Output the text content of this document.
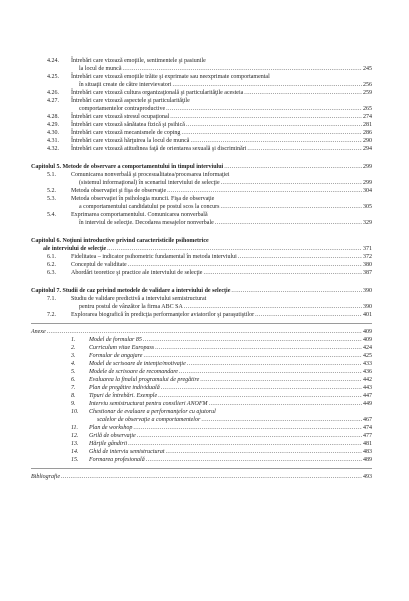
4.24. Întrebări care vizează emoţiile, sentimentele şi pasiunile
la locul de muncă .....	245
4.25. Întrebări care vizează emoţiile trăite şi exprimate sau neexprimate comportamental
în situaţii create de către intervievatori .....	256
4.26. Întrebări care vizează cultura organizaţională şi particularităţile acesteia .....	259
4.27. Întrebări care vizează aspectele şi particularităţile
comportamentelor contraproductive .....	265
4.28. Întrebări care vizează stresul ocupaţional .....	274
4.29. Întrebări care vizează sănătatea fizică şi psihică .....	281
4.30. Întrebări care vizează mecanismele de coping .....	286
4.31. Întrebări care vizează hărţuirea la locul de muncă .....	290
4.32. Întrebări care vizează atitudinea faţă de orientarea sexuală şi discriminări .....	294
Capitolul 5. Metode de observare a comportamentului în timpul interviului .....	299
5.1.	Comunicarea nonverbală şi procesualitatea/procesarea informaţiei
(sistemul informaţional) în scenariul interviului de selecţie .....	299
5.2.	Metoda observaţiei şi fişa de observaţie .....	304
5.3.	Metoda observaţiei în psihologia muncii. Fişa de observaţie
a comportamentului candidatului pe postul scos la concurs .....	305
5.4.	Exprimarea comportamentului. Comunicarea nonverbală
în interviul de selecţie. Decodarea mesajelor nonverbale .....	329
Capitolul 6. Noţiuni introductive privind caracteristicile psihometrice
ale interviului de selecţie .....	371
6.1.	Fidelitatea – indicator psihometric fundamental în metoda interviului .....	372
6.2.	Conceptul de validitate .....	380
6.3.	Abordări teoretice şi practice ale interviului de selecţie .....	387
Capitolul 7. Studii de caz privind metodele de validare a interviului de selecţie .....	390
7.1.	Studiu de validare predictivă a interviului semistructurat
pentru postul de vânzător la firma ABC SA .....	390
7.2.	Explorarea biografică în predicţia performanţelor aviatorilor şi paraşutiştilor .....	401
Anexe .....	409
1. Model de formular 85 .....	409
2. Curriculum vitae Europass .....	424
3. Formular de angajare .....	425
4. Model de scrisoare de intenţie/motivaţie .....	433
5. Modele de scrisoare de recomandare .....	436
6. Evaluarea la finalul programului de pregătire .....	442
7. Plan de pregătire individuală .....	443
8. Tipuri de întrebări. Exemple .....	447
9. Interviu semistructurat pentru consilieri ANOFM .....	449
10. Chestionar de evaluare a performanţelor cu ajutorul
scalelor de observaţie a comportamentelor .....	467
11. Plan de workshop .....	474
12. Grilă de observaţie .....	477
13. Hărţile gândirii .....	481
14. Ghid de interviu semistructurat .....	483
15. Formarea profesională .....	489
Bibliografie .....	493
